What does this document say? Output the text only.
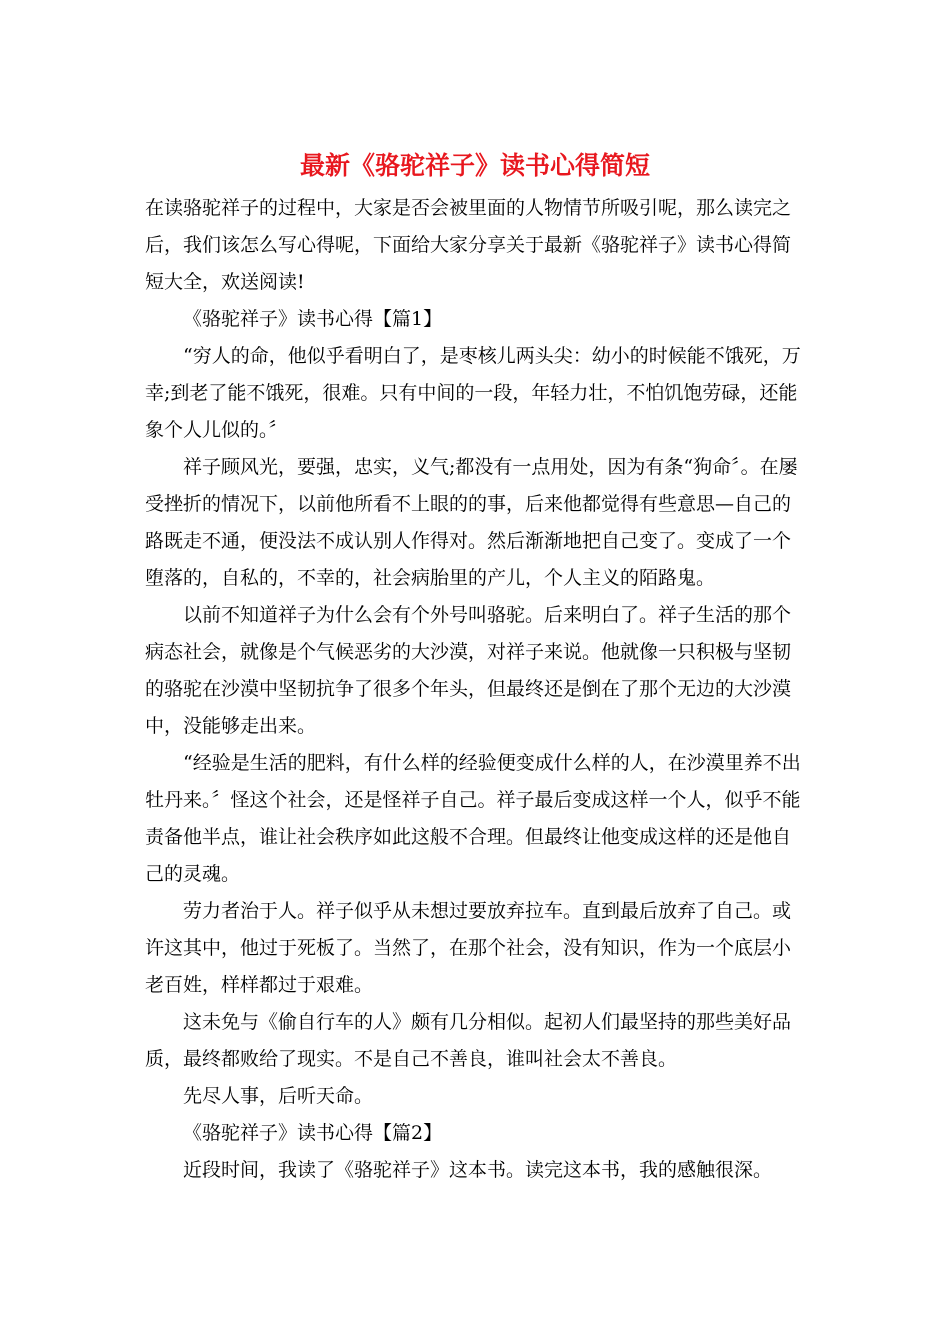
最新《骆驼祥子》读书心得简短

在读骆驼祥子的过程中，大家是否会被里面的人物情节所吸引呢，那么读完之后，我们该怎么写心得呢，下面给大家分享关于最新《骆驼祥子》读书心得简短大全，欢送阅读!

《骆驼祥子》读书心得【篇1】

“穷人的命，他似乎看明白了，是枣核儿两头尖：幼小的时候能不饿死，万幸;到老了能不饿死，很难。只有中间的一段，年轻力壮，不怕饥饱劳碌，还能象个人儿似的。〞

祥子顾风光，要强，忠实，义气;都没有一点用处，因为有条“狗命〞。在屡受挫折的情况下，以前他所看不上眼的的事，后来他都觉得有些意思—自己的路既走不通，便没法不成认别人作得对。然后渐渐地把自己变了。变成了一个堕落的，自私的，不幸的，社会病胎里的产儿，个人主义的陌路鬼。

以前不知道祥子为什么会有个外号叫骆驼。后来明白了。祥子生活的那个病态社会，就像是个气候恶劣的大沙漠，对祥子来说。他就像一只积极与坚韧的骆驼在沙漠中坚韧抗争了很多个年头，但最终还是倒在了那个无边的大沙漠中，没能够走出来。

“经验是生活的肥料，有什么样的经验便变成什么样的人，在沙漠里养不出牡丹来。〞怪这个社会，还是怪祥子自己。祥子最后变成这样一个人，似乎不能责备他半点，谁让社会秩序如此这般不合理。但最终让他变成这样的还是他自己的灵魂。

劳力者治于人。祥子似乎从未想过要放弃拉车。直到最后放弃了自己。或许这其中，他过于死板了。当然了，在那个社会，没有知识，作为一个底层小老百姓，样样都过于艰难。

这未免与《偷自行车的人》颇有几分相似。起初人们最坚持的那些美好品质，最终都败给了现实。不是自己不善良，谁叫社会太不善良。

先尽人事，后听天命。

《骆驼祥子》读书心得【篇2】

近段时间，我读了《骆驼祥子》这本书。读完这本书，我的感触很深。
